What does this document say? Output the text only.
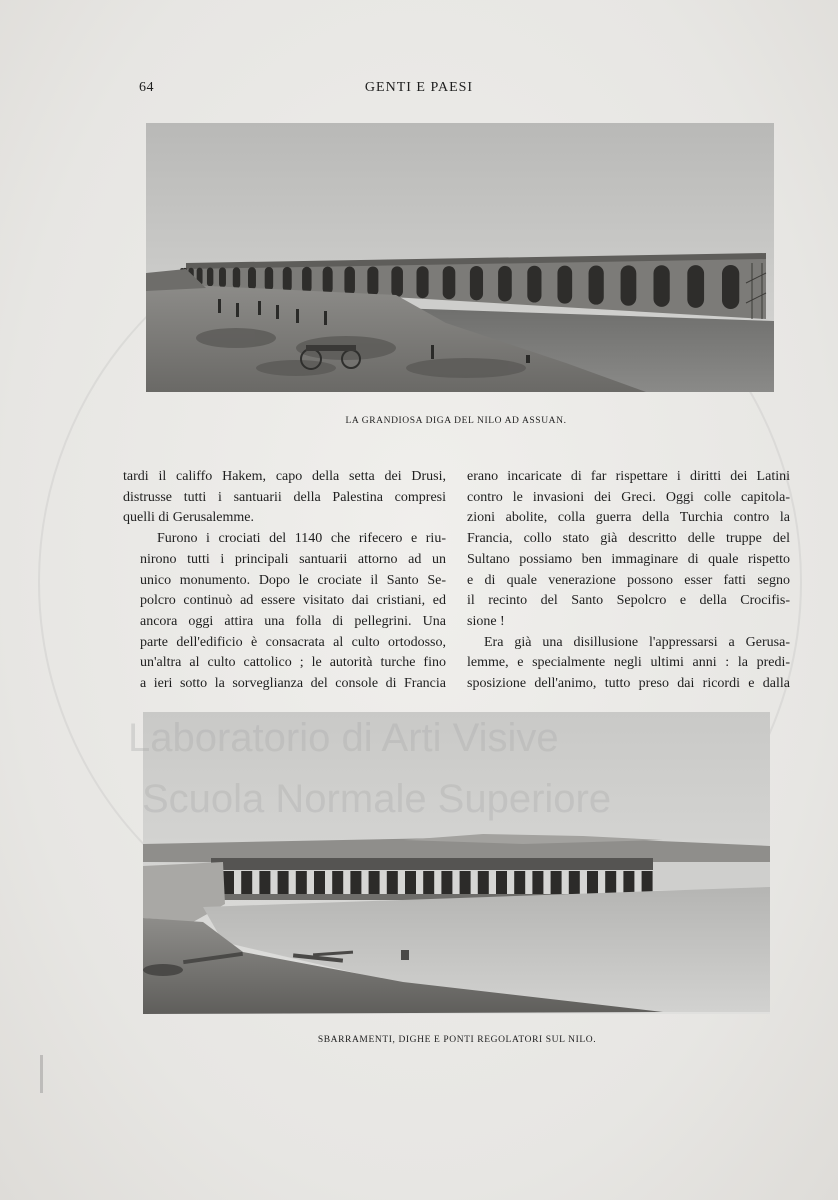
64	GENTI E PAESI
LA GRANDIOSA DIGA DEL NILO AD ASSUAN.

tardi il califfo Hakem, capo della setta dei Drusi,
distrusse tutti i santuarii della Palestina compresi
quelli di Gerusalemme.

Furono i crociati del 1140 che rifecero e riu-
nirono tutti i principali santuarii attorno ad un
unico monumento. Dopo le crociate il Santo Se-
polcro continuò ad essere visitato dai cristiani, ed
ancora oggi attira una folla di pellegrini. Una
parte dell'edificio è consacrata al culto ortodosso,
un'altra al culto cattolico ; le autorità turche fino
a ieri sotto la sorveglianza del console di Francia

erano incaricate di far rispettare i diritti dei Latini
contro le invasioni dei Greci. Oggi colle capitola-
zioni abolite, colla guerra della Turchia contro la
Francia, collo stato già descritto delle truppe del
Sultano possiamo ben immaginare di quale rispetto
e di quale venerazione possono esser fatti segno
il recinto del Santo Sepolcro e della Crocifis-
sione !

Era già una disillusione l'appressarsi a Gerusa-
lemme, e specialmente negli ultimi anni : la predi-
sposizione dell'animo, tutto preso dai ricordi e dalla

SBARRAMENTI, DIGHE E PONTI REGOLATORI SUL NILO.
Laboratorio di Arti Visive
Scuola Normale Superiore
